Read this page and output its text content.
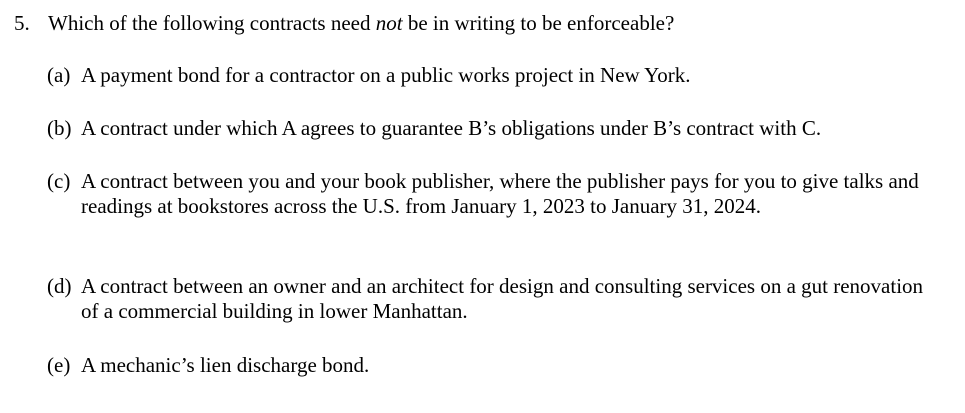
5. Which of the following contracts need not be in writing to be enforceable?
(a) A payment bond for a contractor on a public works project in New York.
(b) A contract under which A agrees to guarantee B’s obligations under B’s contract with C.
(c) A contract between you and your book publisher, where the publisher pays for you to give talks and readings at bookstores across the U.S. from January 1, 2023 to January 31, 2024.
(d) A contract between an owner and an architect for design and consulting services on a gut renovation of a commercial building in lower Manhattan.
(e) A mechanic’s lien discharge bond.
